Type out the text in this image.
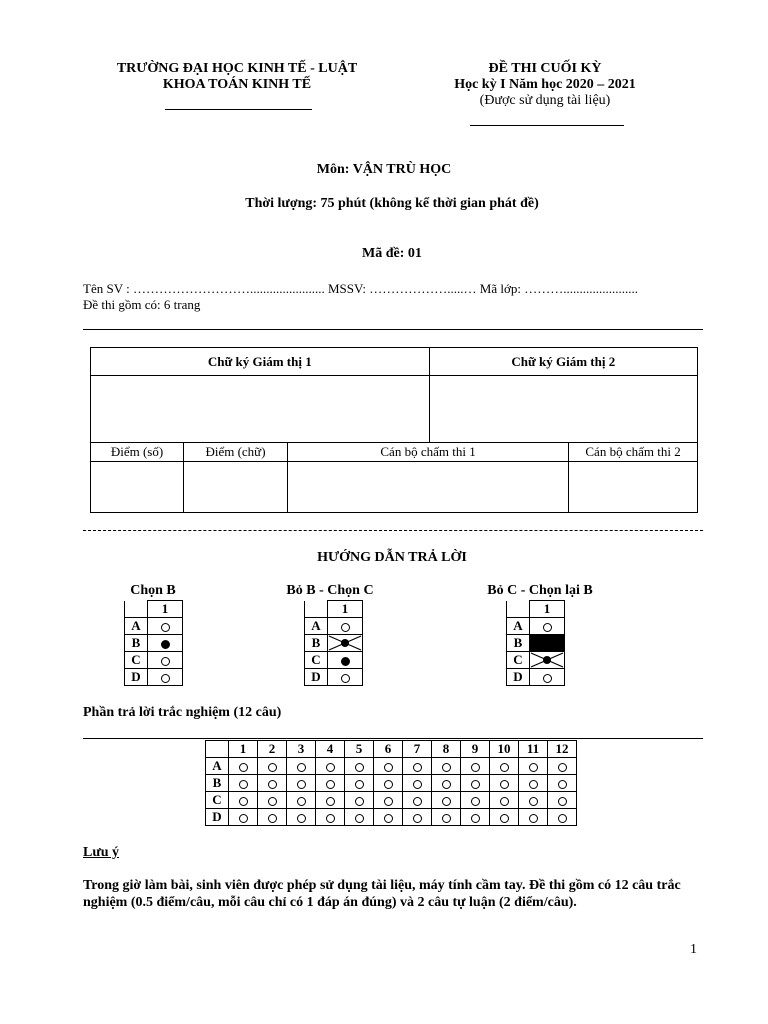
TRƯỜNG ĐẠI HỌC KINH TẾ - LUẬT
KHOA TOÁN KINH TẾ
ĐỀ THI CUỐI KỲ
Học kỳ I Năm học 2020 – 2021
(Được sử dụng tài liệu)
Môn: VẬN TRÙ HỌC
Thời lượng: 75 phút (không kể thời gian phát đề)
Mã đề: 01
Tên SV : ………………………....................... MSSV: ……………….....… Mã lớp: ……….......................
Đề thi gồm có: 6 trang
Chữ ký Giám thị 1			Chữ ký Giám thị 2	

Điểm (số)	Điểm (chữ)	Cán bộ chấm thi 1		Cán bộ chấm thi 2

HƯỚNG DẪN TRẢ LỜI
Chọn B	Bỏ B - Chọn C	Bỏ C - Chọn lại B
	1
A	
B	
C	
D	
	1
A	
B	

C	
D	
	1
A	
B	

C	

D	
Phần trả lời trắc nghiệm (12 câu)
	1	2	3	4	5	6	7	8	9	10	11	12
A												
B												
C												
D												
Lưu ý
Trong giờ làm bài, sinh viên được phép sử dụng tài liệu, máy tính cầm tay. Đề thi gồm có 12 câu trắc nghiệm (0.5 điểm/câu, mỗi câu chỉ có 1 đáp án đúng) và 2 câu tự luận (2 điểm/câu).
1
